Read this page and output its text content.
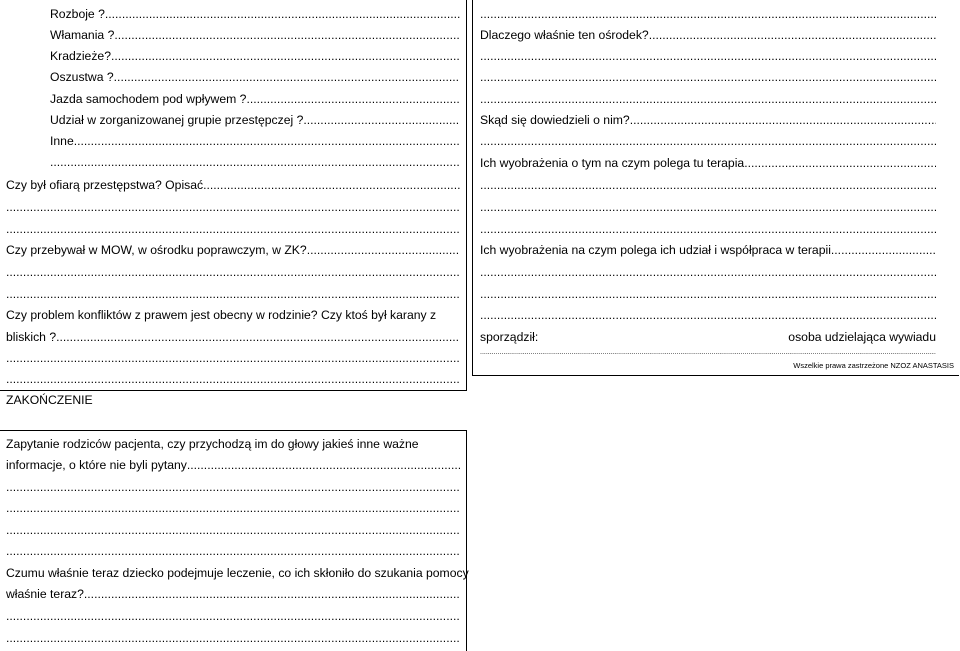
Rozboje ?
.....
Włamania ?
.....
Kradzieże?
.....
Oszustwa ?
.....
Jazda samochodem pod wpływem ?
.....
Udział w zorganizowanej grupie przestępczej ?
.....
Inne
.....
.....
Czy był ofiarą przestępstwa? Opisać
.....
.....
.....
Czy przebywał w MOW, w ośrodku poprawczym, w ZK?
.....
.....
.....
Czy problem konfliktów z prawem jest obecny w rodzinie? Czy ktoś był karany z
bliskich ?
.....
.....
.....
ZAKOŃCZENIE
Zapytanie rodziców pacjenta, czy przychodzą im do głowy jakieś inne ważne
informacje, o które nie byli pytany
.....
.....
.....
.....
.....
Czumu właśnie teraz dziecko podejmuje leczenie, co ich skłoniło do szukania pomocy
właśnie teraz?
.....
.....
.....
.....
Dlaczego właśnie ten ośrodek?
.....
.....
.....
.....
Skąd się dowiedzieli o nim?
.....
.....
Ich wyobrażenia o tym na czym polega tu terapia
.....
.....
.....
.....
Ich wyobrażenia na czym polega ich udział i współpraca w terapii
.....
.....
.....
.....
sporządził:	osoba udzielająca wywiadu
.....
Wszelkie prawa zastrzeżone NZOZ ANASTASIS
